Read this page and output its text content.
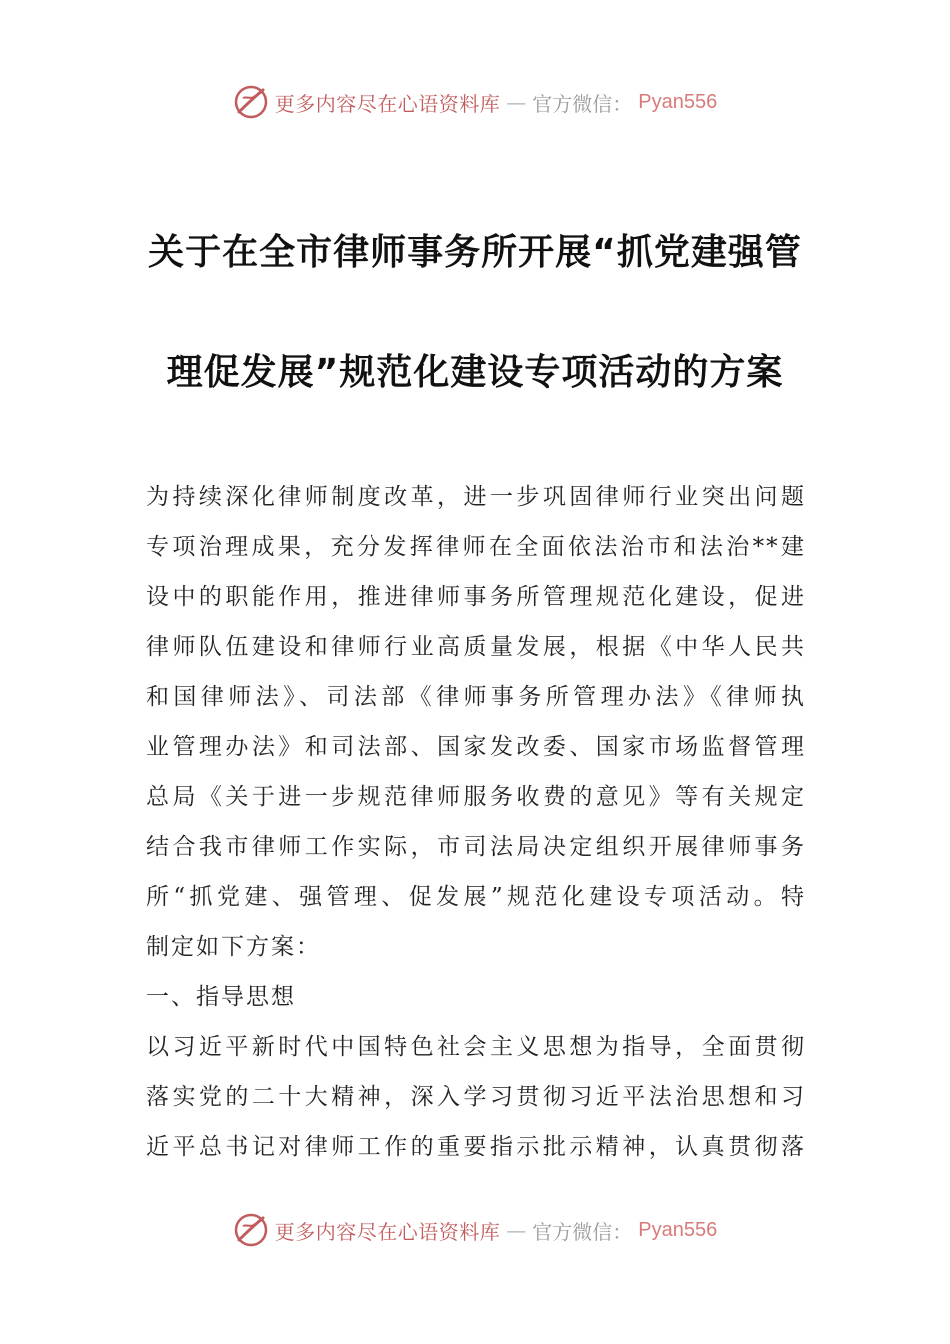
更多内容尽在心语资料库 — 官方微信： Pyan556
关于在全市律师事务所开展“抓党建强管
理促发展”规范化建设专项活动的方案
为持续深化律师制度改革，进一步巩固律师行业突出问题
专项治理成果，充分发挥律师在全面依法治市和法治**建
设中的职能作用，推进律师事务所管理规范化建设，促进
律师队伍建设和律师行业高质量发展，根据《中华人民共
和国律师法》、司法部《律师事务所管理办法》《律师执
业管理办法》和司法部、国家发改委、国家市场监督管理
总局《关于进一步规范律师服务收费的意见》等有关规定
结合我市律师工作实际，市司法局决定组织开展律师事务
所“抓党建、强管理、促发展”规范化建设专项活动。特
制定如下方案：
一、指导思想
以习近平新时代中国特色社会主义思想为指导，全面贯彻
落实党的二十大精神，深入学习贯彻习近平法治思想和习
近平总书记对律师工作的重要指示批示精神，认真贯彻落
更多内容尽在心语资料库 — 官方微信： Pyan556
